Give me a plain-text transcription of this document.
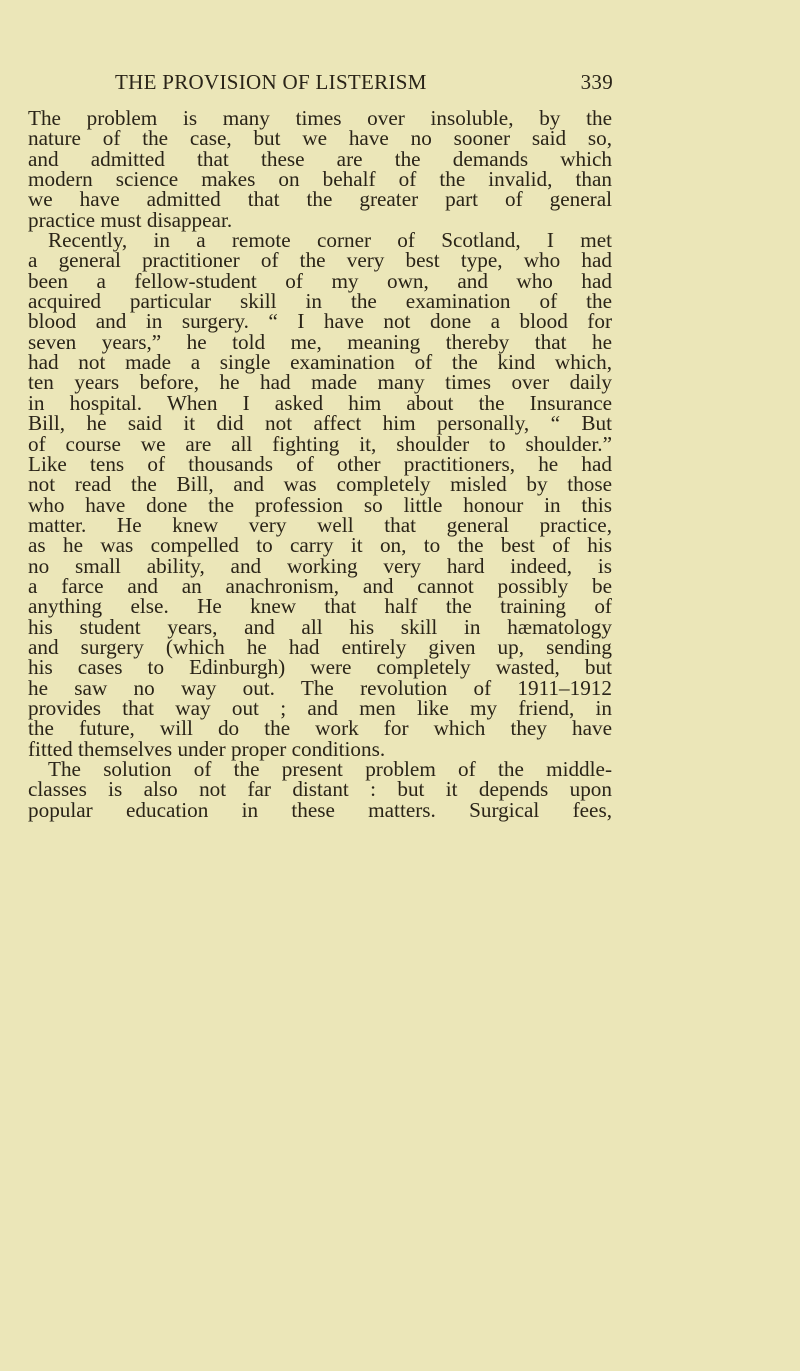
THE PROVISION OF LISTERISM	339
The problem is many times over insoluble, by the
nature of the case, but we have no sooner said so,
and admitted that these are the demands which
modern science makes on behalf of the invalid, than
we have admitted that the greater part of general
practice must disappear.
Recently, in a remote corner of Scotland, I met
a general practitioner of the very best type, who had
been a fellow-student of my own, and who had
acquired particular skill in the examination of the
blood and in surgery. “ I have not done a blood for
seven years,” he told me, meaning thereby that he
had not made a single examination of the kind which,
ten years before, he had made many times over daily
in hospital. When I asked him about the Insurance
Bill, he said it did not affect him personally, “ But
of course we are all fighting it, shoulder to shoulder.”
Like tens of thousands of other practitioners, he had
not read the Bill, and was completely misled by those
who have done the profession so little honour in this
matter. He knew very well that general practice,
as he was compelled to carry it on, to the best of his
no small ability, and working very hard indeed, is
a farce and an anachronism, and cannot possibly be
anything else. He knew that half the training of
his student years, and all his skill in hæmatology
and surgery (which he had entirely given up, sending
his cases to Edinburgh) were completely wasted, but
he saw no way out. The revolution of 1911–1912
provides that way out ; and men like my friend, in
the future, will do the work for which they have
fitted themselves under proper conditions.
The solution of the present problem of the middle-
classes is also not far distant : but it depends upon
popular education in these matters. Surgical fees,
